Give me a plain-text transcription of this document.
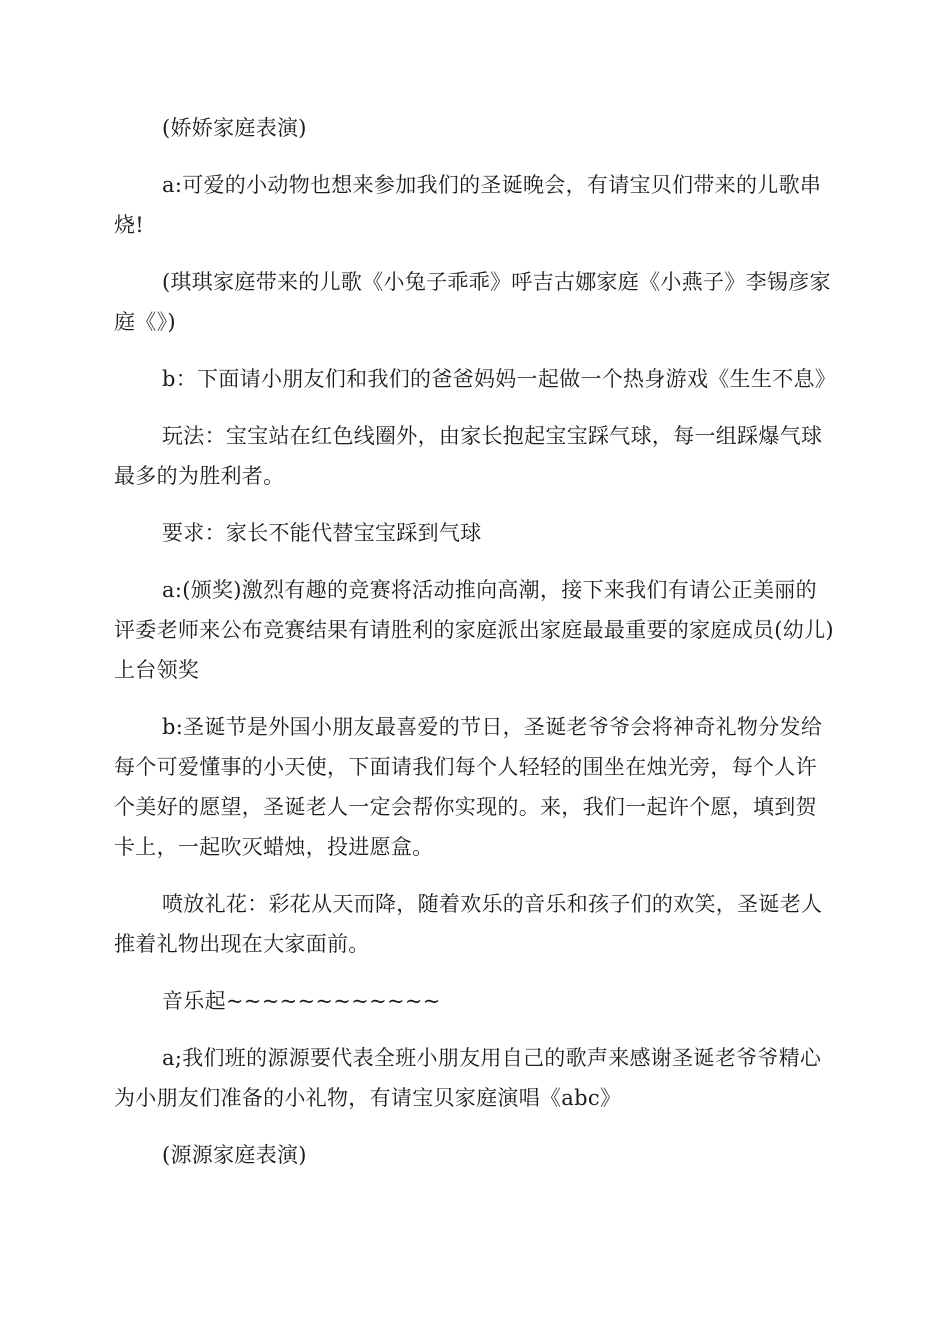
(娇娇家庭表演)

a:可爱的小动物也想来参加我们的圣诞晚会，有请宝贝们带来的儿歌串烧!

(琪琪家庭带来的儿歌《小兔子乖乖》呼吉古娜家庭《小燕子》李锡彦家庭《》)

b：下面请小朋友们和我们的爸爸妈妈一起做一个热身游戏《生生不息》

玩法：宝宝站在红色线圈外，由家长抱起宝宝踩气球，每一组踩爆气球最多的为胜利者。

要求：家长不能代替宝宝踩到气球

a:(颁奖)激烈有趣的竞赛将活动推向高潮，接下来我们有请公正美丽的评委老师来公布竞赛结果有请胜利的家庭派出家庭最最重要的家庭成员(幼儿)上台领奖

b:圣诞节是外国小朋友最喜爱的节日，圣诞老爷爷会将神奇礼物分发给每个可爱懂事的小天使，下面请我们每个人轻轻的围坐在烛光旁，每个人许个美好的愿望，圣诞老人一定会帮你实现的。来，我们一起许个愿，填到贺卡上，一起吹灭蜡烛，投进愿盒。

喷放礼花：彩花从天而降，随着欢乐的音乐和孩子们的欢笑，圣诞老人推着礼物出现在大家面前。

音乐起~~~~~~~~~~~~

a;我们班的源源要代表全班小朋友用自己的歌声来感谢圣诞老爷爷精心为小朋友们准备的小礼物，有请宝贝家庭演唱《abc》

(源源家庭表演)
